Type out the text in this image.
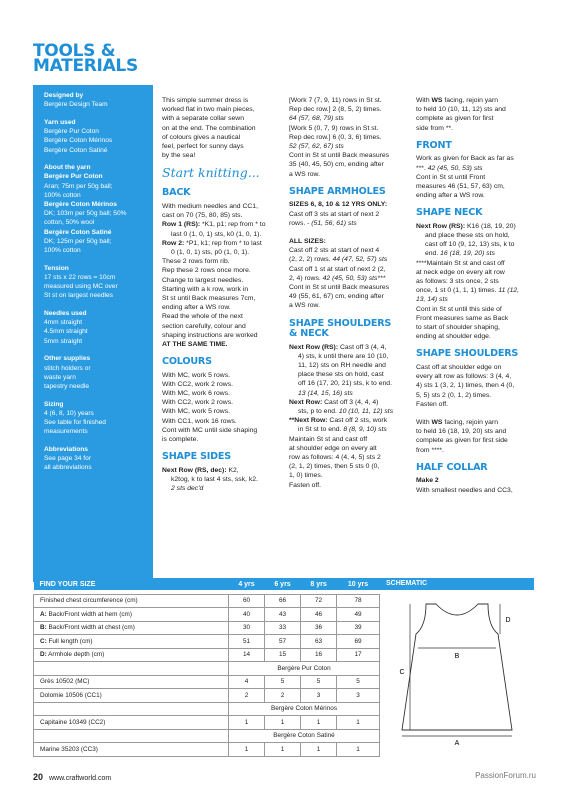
TOOLS &
MATERIALS
Designed by
Bergère Design Team
Yarn used
Bergère Pur Coton
Bergère Coton Mérinos
Bergère Coton Satiné
About the yarn
Bergère Pur Coton
Aran; 75m per 50g ball;
100% cotton
Bergère Coton Mérinos
DK; 103m per 50g ball; 50%
cotton, 50% wool
Bergère Coton Satiné
DK; 125m per 50g ball;
100% cotton
Tension
17 sts x 22 rows = 10cm
measured using MC over
St st on largest needles
Needles used
4mm straight
4.5mm straight
5mm straight
Other supplies
stitch holders or
waste yarn
tapestry needle
Sizing
4 (6, 8, 10) years
See table for finished
measurements
Abbreviations
See page 34 for
all abbreviations

This simple summer dress is

worked flat in two main pieces,

with a separate collar sewn

on at the end. The combination

of colours gives a nautical

feel, perfect for sunny days

by the sea!

Start knitting...
BACK

With medium needles and CC1,

cast on 70 (75, 80, 85) sts.

Row 1 (RS): *K1, p1; rep from * to

last 0 (1, 0, 1) sts, k0 (1, 0, 1).

Row 2: *P1, k1; rep from * to last

0 (1, 0, 1) sts, p0 (1, 0, 1).

These 2 rows form rib.

Rep these 2 rows once more.

Change to largest needles.

Starting with a k row, work in

St st until Back measures 7cm,

ending after a WS row.

Read the whole of the next

section carefully, colour and

shaping instructions are worked

AT THE SAME TIME.

COLOURS

With MC, work 5 rows.

With CC2, work 2 rows.

With MC, work 6 rows.

With CC2, work 2 rows.

With MC, work 5 rows.

With CC1, work 16 rows.

Cont with MC until side shaping

is complete.

SHAPE SIDES

Next Row (RS, dec): K2,

k2tog, k to last 4 sts, ssk, k2.

2 sts dec'd

[Work 7 (7, 9, 11) rows in St st.

Rep dec row.] 2 (8, 5, 2) times.

64 (57, 68, 79) sts

[Work 5 (0, 7, 9) rows in St st.

Rep dec row.] 6 (0, 3, 6) times.

52 (57, 62, 67) sts

Cont in St st until Back measures

35 (40, 45, 50) cm, ending after

a WS row.

SHAPE ARMHOLES

SIZES 6, 8, 10 & 12 YRS ONLY:

Cast off 3 sts at start of next 2

rows. - (51, 56, 61) sts

ALL SIZES:

Cast off 2 sts at start of next 4

(2, 2, 2) rows. 44 (47, 52, 57) sts

Cast off 1 st at start of next 2 (2,

2, 4) rows. 42 (45, 50, 53) sts***

Cont in St st until Back measures

49 (55, 61, 67) cm, ending after

a WS row.

SHAPE SHOULDERS
& NECK

Next Row (RS): Cast off 3 (4, 4,

4) sts, k until there are 10 (10,

11, 12) sts on RH needle and

place these sts on hold, cast

off 16 (17, 20, 21) sts, k to end.

13 (14, 15, 16) sts

Next Row: Cast off 3 (4, 4, 4)

sts, p to end. 10 (10, 11, 12) sts

**Next Row: Cast off 2 sts, work

in St st to end. 8 (8, 9, 10) sts

Maintain St st and cast off

at shoulder edge on every alt

row as follows: 4 (4, 4, 5) sts 2

(2, 1, 2) times, then 5 sts 0 (0,

1, 0) times.

Fasten off.

With WS facing, rejoin yarn

to held 10 (10, 11, 12) sts and

complete as given for first

side from **.

FRONT

Work as given for Back as far as

***. 42 (45, 50, 53) sts

Cont in St st until Front

measures 46 (51, 57, 63) cm,

ending after a WS row.

SHAPE NECK

Next Row (RS): K16 (18, 19, 20)

and place these sts on hold,

cast off 10 (9, 12, 13) sts, k to

end. 16 (18, 19, 20) sts

****Maintain St st and cast off

at neck edge on every alt row

as follows: 3 sts once, 2 sts

once, 1 st 0 (1, 1, 1) times. 11 (12,

13, 14) sts

Cont in St st until this side of

Front measures same as Back

to start of shoulder shaping,

ending at shoulder edge.

SHAPE SHOULDERS

Cast off at shoulder edge on

every alt row as follows: 3 (4, 4,

4) sts 1 (3, 2, 1) times, then 4 (0,

5, 5) sts 2 (0, 1, 2) times.

Fasten off.

With WS facing, rejoin yarn

to held 16 (18, 19, 20) sts and

complete as given for first side

from ****.

HALF COLLAR

Make 2

With smallest needles and CC3,

FIND YOUR SIZE	4 yrs	6 yrs	8 yrs	10 yrs

Finished chest circumference (cm)	60	66	72	78
A: Back/Front width at hem (cm)	40	43	46	49
B: Back/Front width at chest (cm)	30	33	36	39
C: Full length (cm)	51	57	63	69
D: Armhole depth (cm)	14	15	16	17
	Bergère Pur Coton			
Grès 10502 (MC)	4	5	5	5
Dolomie 10506 (CC1)	2	2	3	3
	Bergère Coton Mérinos			
Capitaine 10349 (CC2)	1	1	1	1
	Bergère Coton Satiné			
Marine 35203 (CC3)	1	1	1	1
SCHEMATIC
B
A
C
D
20 www.craftworld.com	PassionForum.ru
